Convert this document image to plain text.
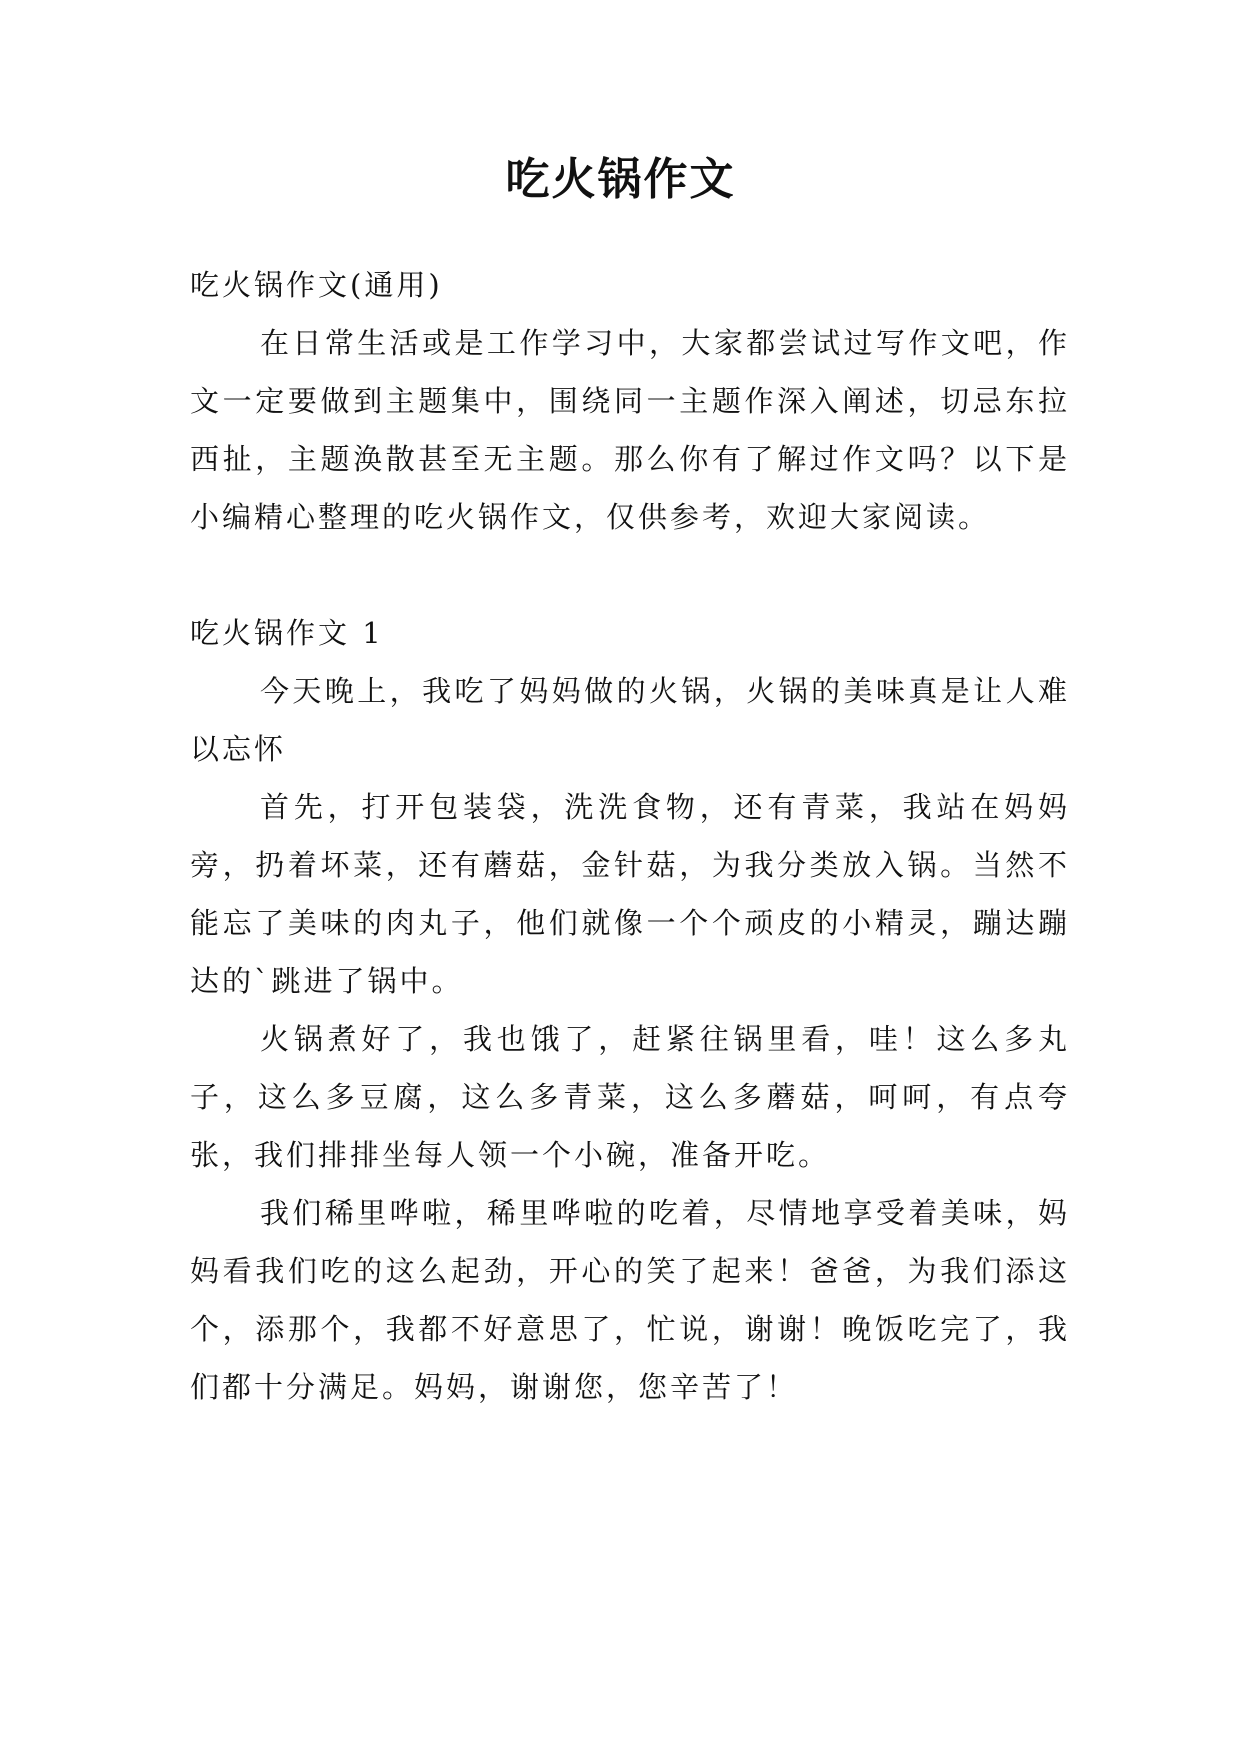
吃火锅作文

吃火锅作文(通用)

在日常生活或是工作学习中，大家都尝试过写作文吧，作文一定要做到主题集中，围绕同一主题作深入阐述，切忌东拉西扯，主题涣散甚至无主题。那么你有了解过作文吗？以下是小编精心整理的吃火锅作文，仅供参考，欢迎大家阅读。

吃火锅作文 1

今天晚上，我吃了妈妈做的火锅，火锅的美味真是让人难以忘怀

首先，打开包装袋，洗洗食物，还有青菜，我站在妈妈旁，扔着坏菜，还有蘑菇，金针菇，为我分类放入锅。当然不能忘了美味的肉丸子，他们就像一个个顽皮的小精灵，蹦达蹦达的`跳进了锅中。

火锅煮好了，我也饿了，赶紧往锅里看，哇！这么多丸子，这么多豆腐，这么多青菜，这么多蘑菇，呵呵，有点夸张，我们排排坐每人领一个小碗，准备开吃。

我们稀里哗啦，稀里哗啦的吃着，尽情地享受着美味，妈妈看我们吃的这么起劲，开心的笑了起来！爸爸，为我们添这个，添那个，我都不好意思了，忙说，谢谢！晚饭吃完了，我们都十分满足。妈妈，谢谢您，您辛苦了！
